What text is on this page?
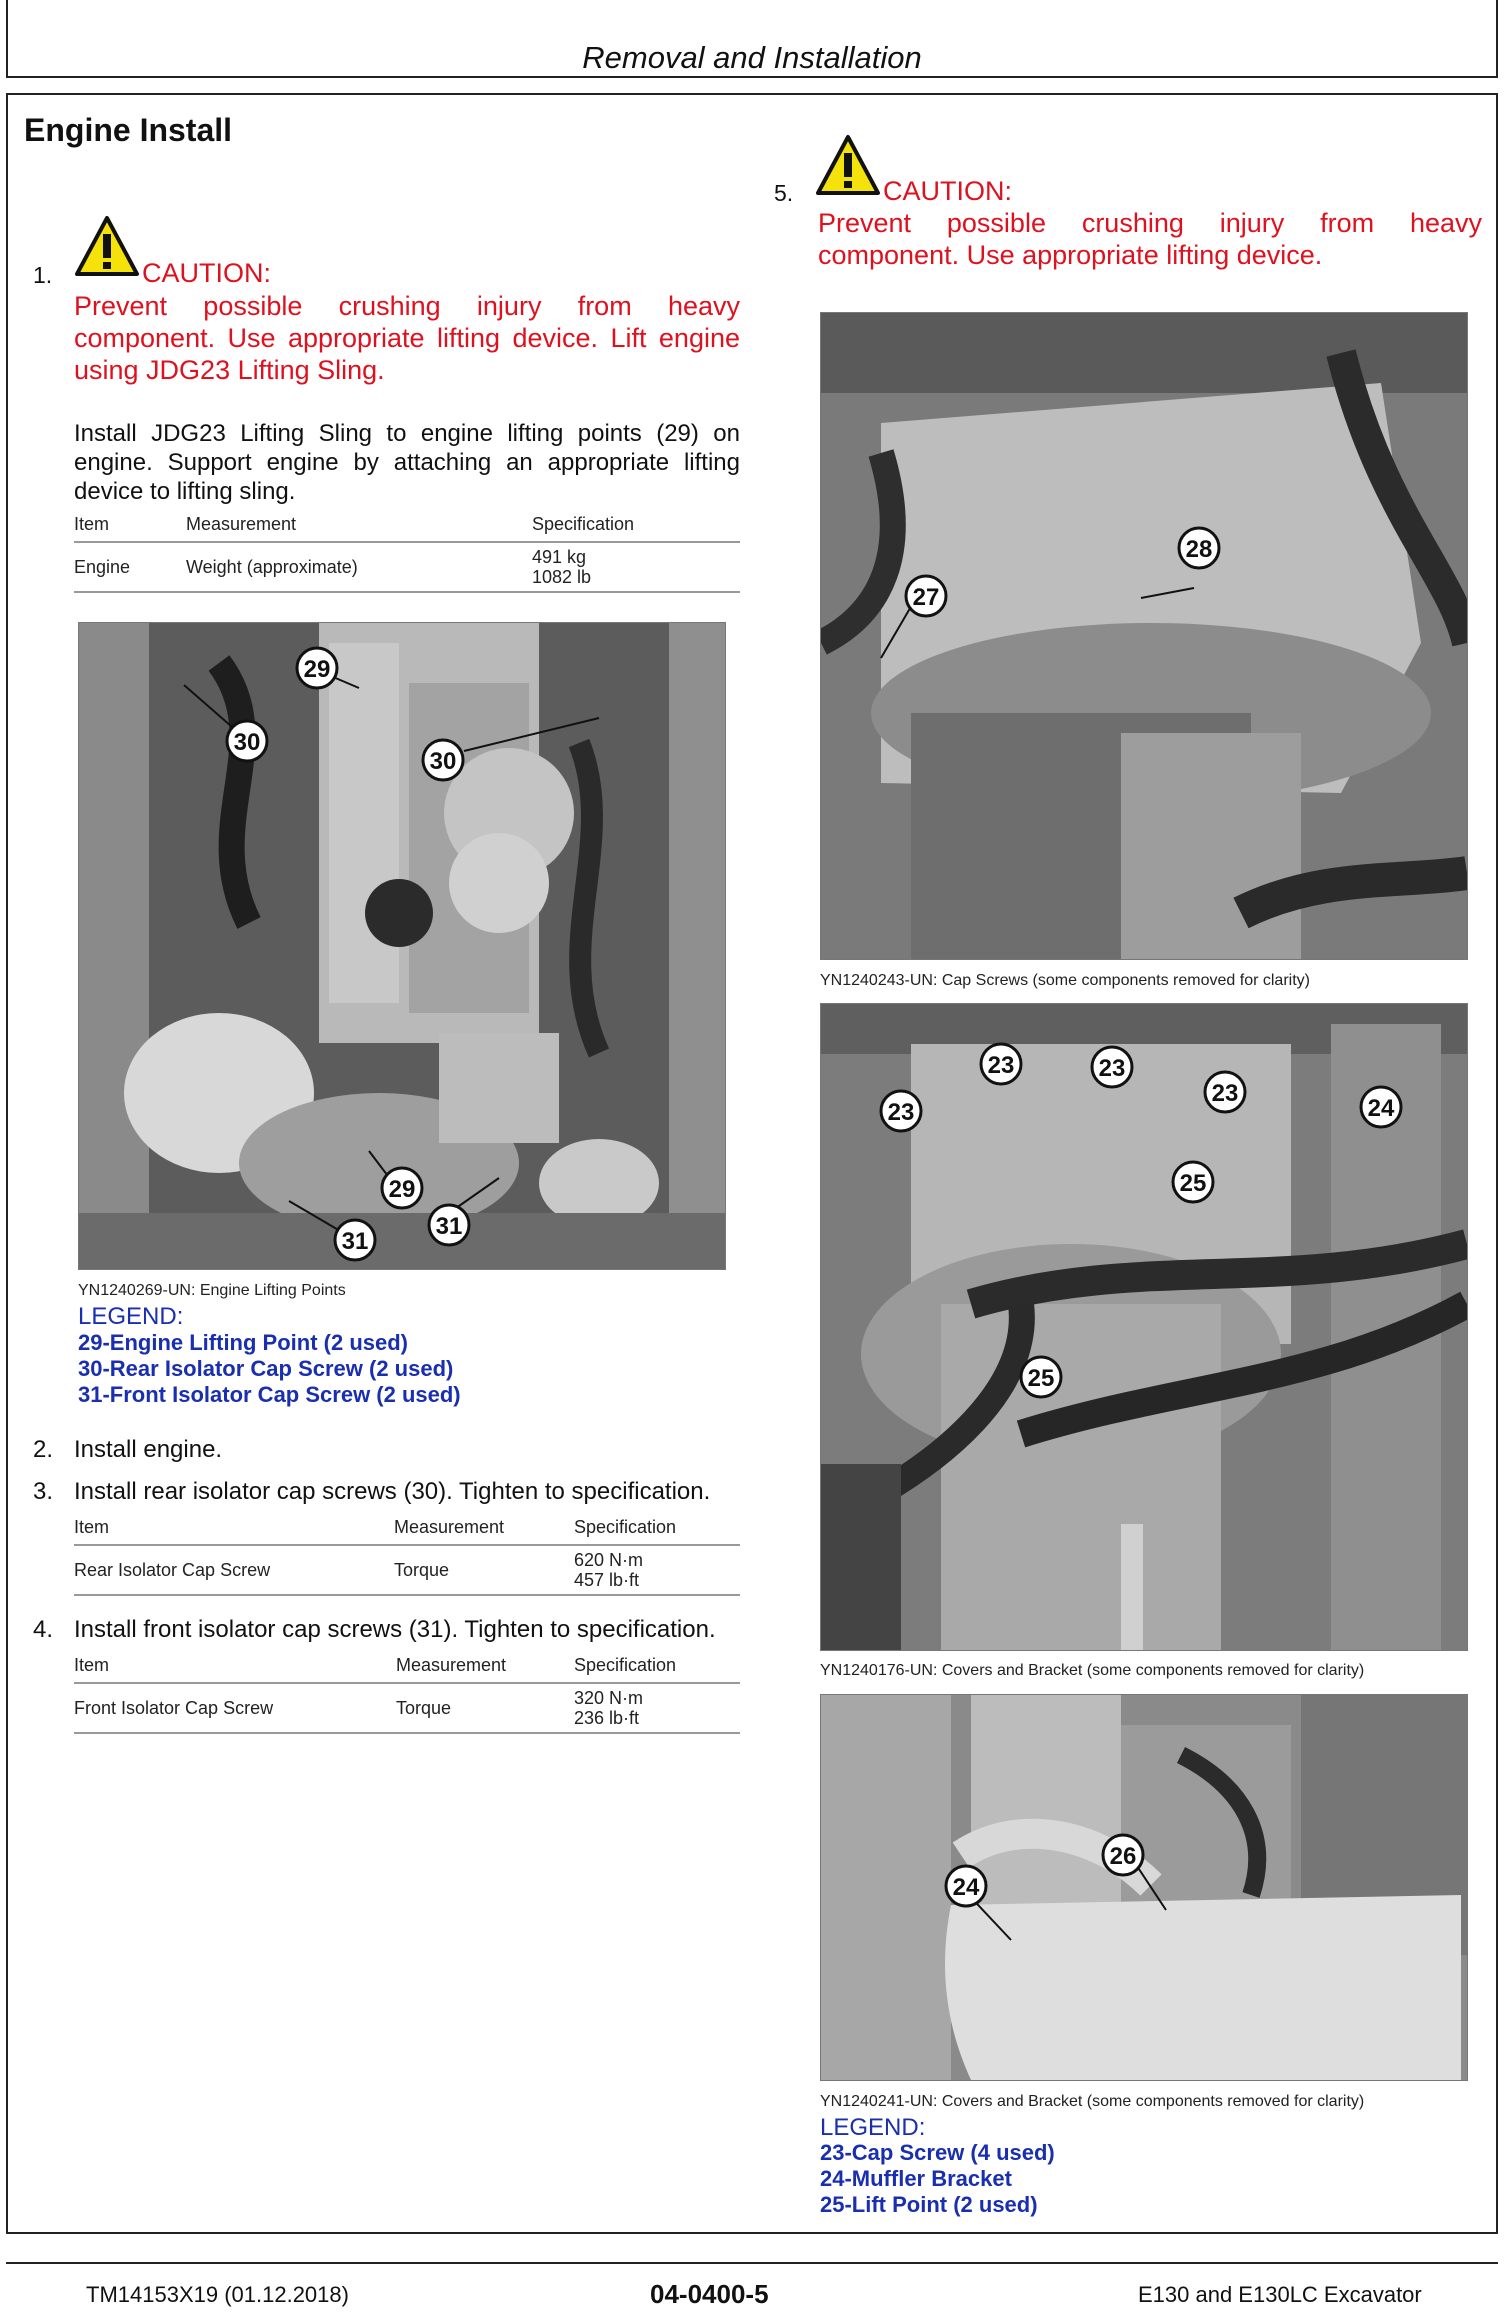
Removal and Installation
Engine Install
1.	CAUTION:
Prevent possible crushing injury from heavy component. Use appropriate lifting device. Lift engine using JDG23 Lifting Sling.
Install JDG23 Lifting Sling to engine lifting points (29) on engine. Support engine by attaching an appropriate lifting device to lifting sling.
Item	Measurement	Specification
Engine	Weight (approximate)	491 kg
1082 lb
29
30
30
29
31
31
YN1240269-UN: Engine Lifting Points
LEGEND:
29-Engine Lifting Point (2 used)
30-Rear Isolator Cap Screw (2 used)
31-Front Isolator Cap Screw (2 used)
2. Install engine.
3. Install rear isolator cap screws (30). Tighten to specification.
Item	Measurement	Specification
Rear Isolator Cap Screw	Torque	620 N·m
457 lb·ft
4. Install front isolator cap screws (31). Tighten to specification.
Item	Measurement	Specification
Front Isolator Cap Screw	Torque	320 N·m
236 lb·ft
5.	CAUTION:
Prevent possible crushing injury from heavy component. Use appropriate lifting device.
27
28
YN1240243-UN: Cap Screws (some components removed for clarity)
23	23
23
23	24
25
25
YN1240176-UN: Covers and Bracket (some components removed for clarity)
24
26
YN1240241-UN: Covers and Bracket (some components removed for clarity)
LEGEND:
23-Cap Screw (4 used)
24-Muffler Bracket
25-Lift Point (2 used)
TM14153X19 (01.12.2018)	04-0400-5	E130 and E130LC Excavator
